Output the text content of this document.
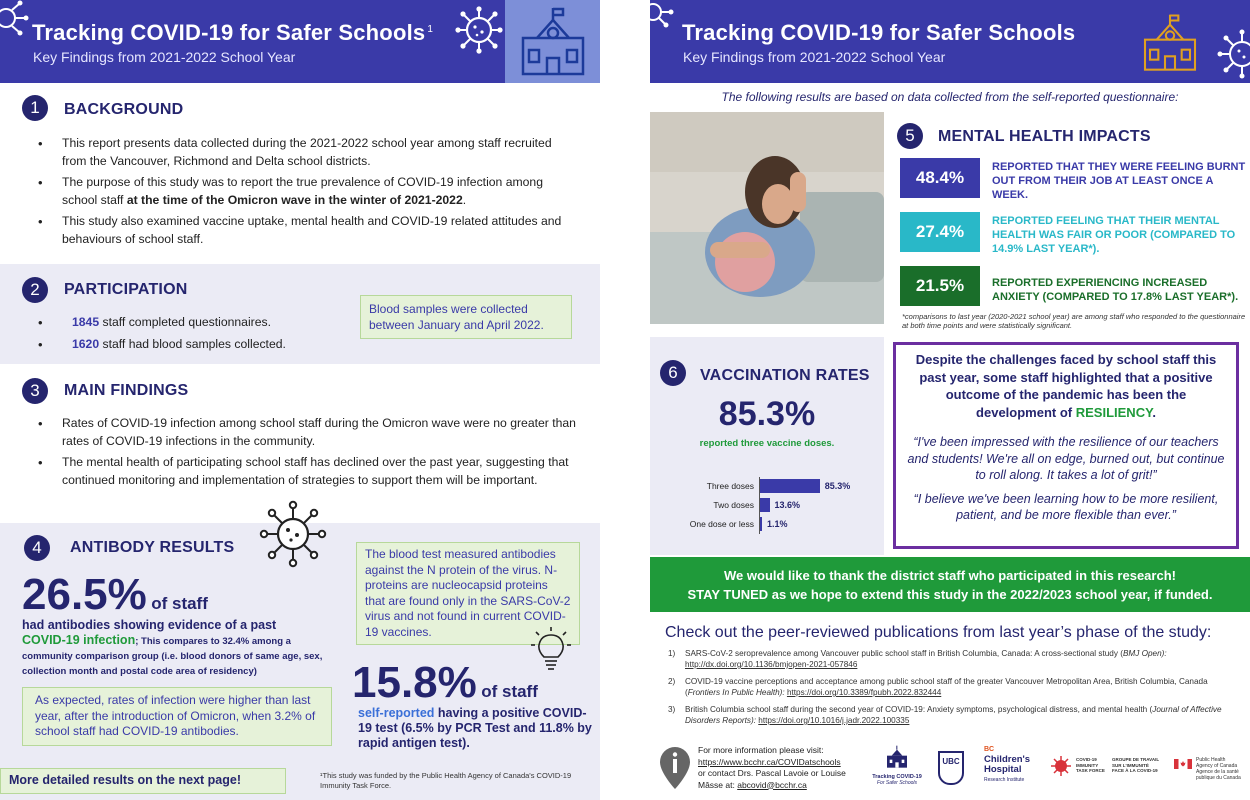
Tracking COVID-19 for Safer Schools $^1$
Key Findings from 2021-2022 School Year
1	BACKGROUND
• This report presents data collected during the 2021-2022 school year among staff recruited from the Vancouver, Richmond and Delta school districts.
• The purpose of this study was to report the true prevalence of COVID-19 infection among school staff at the time of the Omicron wave in the winter of 2021-2022.
• This study also examined vaccine uptake, mental health and COVID-19 related attitudes and behaviours of school staff.
2	PARTICIPATION
• 1845 staff completed questionnaires.
• 1620 staff had blood samples collected.
Blood samples were collected between January and April 2022.
3	MAIN FINDINGS
• Rates of COVID-19 infection among school staff during the Omicron wave were no greater than rates of COVID-19 infections in the community.
• The mental health of participating school staff has declined over the past year, suggesting that continued monitoring and implementation of strategies to support them will be important.
4	ANTIBODY RESULTS
26.5% of staff
had antibodies showing evidence of a past
COVID-19 infection; This compares to 32.4% among a community comparison group (i.e. blood donors of same age, sex, collection month and postal code area of residency)
The blood test measured antibodies against the N protein of the virus. N-proteins are nucleocapsid proteins that are found only in the SARS-CoV-2 virus and not found in current COVID-19 vaccines.
As expected, rates of infection were higher than last year, after the introduction of Omicron, when 3.2% of school staff had COVID-19 antibodies.
15.8% of staff
self-reported having a positive COVID-19 test (6.5% by PCR Test and 11.8% by rapid antigen test).
More detailed results on the next page!	¹This study was funded by the Public Health Agency of Canada's COVID-19 Immunity Task Force.
Tracking COVID-19 for Safer Schools
Key Findings from 2021-2022 School Year
The following results are based on data collected from the self-reported questionnaire:
5	MENTAL HEALTH IMPACTS
48.4%
REPORTED THAT THEY WERE FEELING BURNT OUT FROM THEIR JOB AT LEAST ONCE A WEEK.
27.4%
REPORTED FEELING THAT THEIR MENTAL HEALTH WAS FAIR OR POOR (COMPARED TO 14.9% LAST YEAR*).
21.5%	REPORTED EXPERIENCING INCREASED ANXIETY (COMPARED TO 17.8% LAST YEAR*).
*comparisons to last year (2020-2021 school year) are among staff who responded to the questionnaire at both time points and were statistically significant.
6	VACCINATION RATES
85.3%
reported three vaccine doses.
Three doses	85.3%
Two doses 13.6%
One dose or less 1.1%
Despite the challenges faced by school staff this past year, some staff highlighted that a positive outcome of the pandemic has been the development of RESILIENCY.
“I've been impressed with the resilience of our teachers and students! We're all on edge, burned out, but continue to roll along. It takes a lot of grit!”
“I believe we've been learning how to be more resilient, patient, and be more flexible than ever.”
We would like to thank the district staff who participated in this research!
STAY TUNED as we hope to extend this study in the 2022/2023 school year, if funded.
Check out the peer-reviewed publications from last year’s phase of the study:
1) SARS-CoV-2 seroprevalence among Vancouver public school staff in British Columbia, Canada: A cross-sectional study (BMJ Open): http://dx.doi.org/10.1136/bmjopen-2021-057846
2) COVID-19 vaccine perceptions and acceptance among public school staff of the greater Vancouver Metropolitan Area, British Columbia, Canada (Frontiers In Public Health): https://doi.org/10.3389/fpubh.2022.832444
3) British Columbia school staff during the second year of COVID-19: Anxiety symptoms, psychological distress, and mental health (Journal of Affective Disorders Reports): https://doi.org/10.1016/j.jadr.2022.100335
For more information please visit:
https://www.bcchr.ca/COVIDatschools
or contact Drs. Pascal Lavoie or Louise
Mâsse at: abcovid@bcchr.ca
Tracking COVID-19
For Safer Schools
UBC
BC
Children's
Hospital
Research Institute
COVID-19
IMMUNITY
TASK FORCE
GROUPE DE TRAVAIL
SUR L'IMMUNITÉ
FACE À LA COVID-19
Public Health
Agency of Canada
Agence de la santé
publique du Canada
